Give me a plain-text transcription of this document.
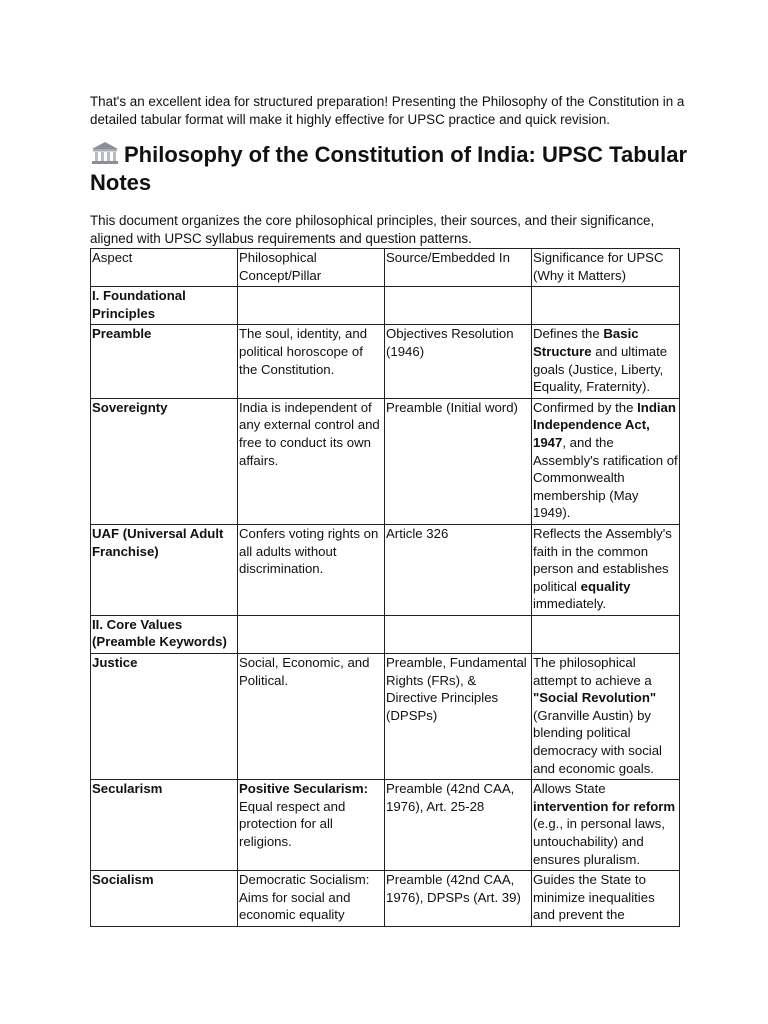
That's an excellent idea for structured preparation! Presenting the Philosophy of the Constitution in a detailed tabular format will make it highly effective for UPSC practice and quick revision.

Philosophy of the Constitution of India: UPSC Tabular Notes

This document organizes the core philosophical principles, their sources, and their significance, aligned with UPSC syllabus requirements and question patterns.

Aspect	Philosophical Concept/Pillar	Source/Embedded In	Significance for UPSC (Why it Matters)
I. Foundational Principles			
Preamble	The soul, identity, and political horoscope of the Constitution.	Objectives Resolution (1946)	Defines the Basic Structure and ultimate goals (Justice, Liberty, Equality, Fraternity).
Sovereignty	India is independent of any external control and free to conduct its own affairs.	Preamble (Initial word)	Confirmed by the Indian Independence Act, 1947, and the Assembly's ratification of Commonwealth membership (May 1949).
UAF (Universal Adult Franchise)	Confers voting rights on all adults without discrimination.	Article 326	Reflects the Assembly's faith in the common person and establishes political equality immediately.
II. Core Values (Preamble Keywords)			
Justice	Social, Economic, and Political.	Preamble, Fundamental Rights (FRs), & Directive Principles (DPSPs)	The philosophical attempt to achieve a "Social Revolution" (Granville Austin) by blending political democracy with social and economic goals.
Secularism	Positive Secularism: Equal respect and protection for all religions.	Preamble (42nd CAA, 1976), Art. 25-28	Allows State intervention for reform (e.g., in personal laws, untouchability) and ensures pluralism.
Socialism	Democratic Socialism: Aims for social and economic equality	Preamble (42nd CAA, 1976), DPSPs (Art. 39)	Guides the State to minimize inequalities and prevent the
